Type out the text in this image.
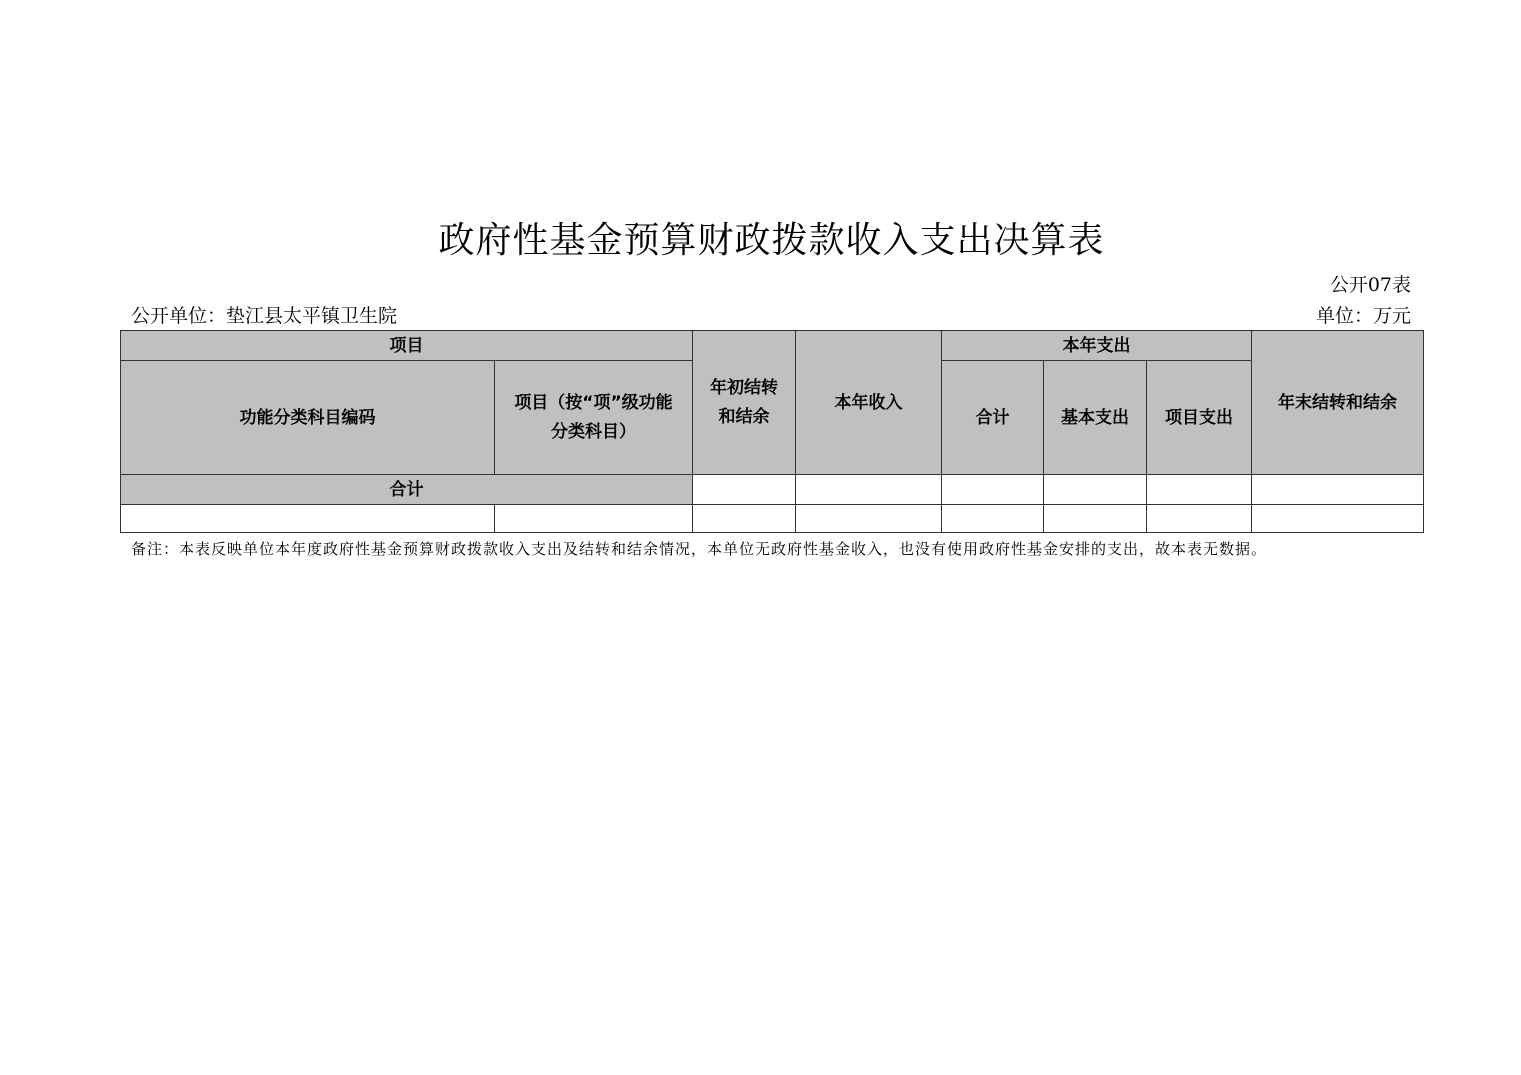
政府性基金预算财政拨款收入支出决算表
公开07表
公开单位：垫江县太平镇卫生院	单位：万元
项目		年初结转和结余	本年收入	本年支出			年末结转和结余
功能分类科目编码	项目（按“项”级功能分类科目）			合计	基本支出	项目支出	
合计							

备注：本表反映单位本年度政府性基金预算财政拨款收入支出及结转和结余情况，本单位无政府性基金收入，也没有使用政府性基金安排的支出，故本表无数据。
